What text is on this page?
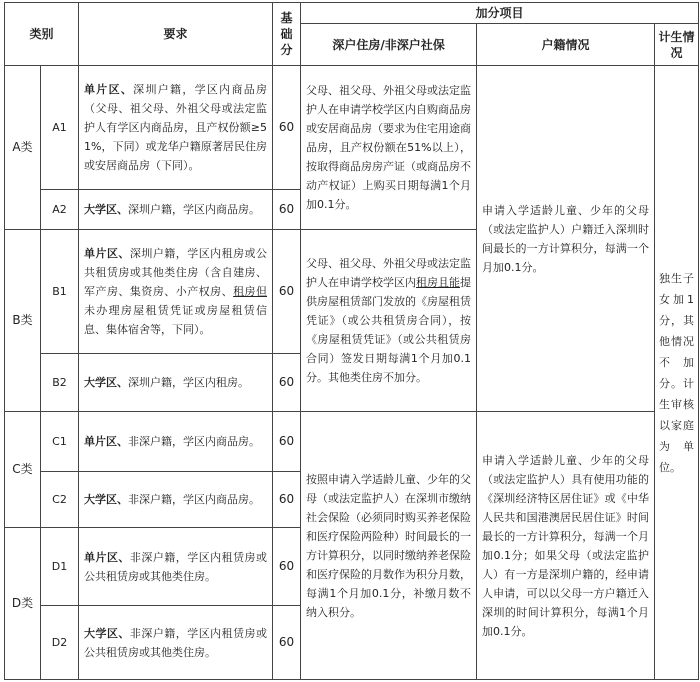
类别		要求	基础分	加分项目		
				深户住房/非深户社保	户籍情况	计生情况
A类	A1	单片区、深圳户籍，学区内商品房（父母、祖父母、外祖父母或法定监护人有学区内商品房，且产权份额≥51%，下同）或龙华户籍原著居民住房或安居商品房（下同）。	60	父母、祖父母、外祖父母或法定监护人在申请学校学区内自购商品房或安居商品房（要求为住宅用途商品房，且产权份额在51%以上），按取得商品房房产证（或商品房不动产权证）上购买日期每满1个月加0.1分。	申请入学适龄儿童、少年的父母（或法定监护人）户籍迁入深圳时间最长的一方计算积分，每满一个月加0.1分。	独生子女加1分，其他情况不加分。计生审核以家庭为单位。
	A2	大学区、深圳户籍，学区内商品房。	60			
B类	B1	单片区、深圳户籍，学区内租房或公共租赁房或其他类住房（含自建房、军产房、集资房、小产权房、租房但未办理房屋租赁凭证或房屋租赁信息、集体宿舍等，下同）。	60	父母、祖父母、外祖父母或法定监护人在申请学校学区内租房且能提供房屋租赁部门发放的《房屋租赁凭证》（或公共租赁房合同），按《房屋租赁凭证》（或公共租赁房合同）签发日期每满1个月加0.1分。其他类住房不加分。		
	B2	大学区、深圳户籍，学区内租房。	60			
C类	C1	单片区、非深户籍，学区内商品房。	60	按照申请入学适龄儿童、少年的父母（或法定监护人）在深圳市缴纳社会保险（必须同时购买养老保险和医疗保险两险种）时间最长的一方计算积分，以同时缴纳养老保险和医疗保险的月数作为积分月数，每满1个月加0.1分，补缴月数不纳入积分。	申请入学适龄儿童、少年的父母（或法定监护人）具有使用功能的《深圳经济特区居住证》或《中华人民共和国港澳居民居住证》时间最长的一方计算积分，每满一个月加0.1分；如果父母（或法定监护人）有一方是深圳户籍的，经申请人申请，可以以父母一方户籍迁入深圳的时间计算积分，每满1个月加0.1分。	
	C2	大学区、非深户籍，学区内商品房。	60			
D类	D1	单片区、非深户籍，学区内租赁房或公共租赁房或其他类住房。	60			
	D2	大学区、非深户籍，学区内租赁房或公共租赁房或其他类住房。	60			
